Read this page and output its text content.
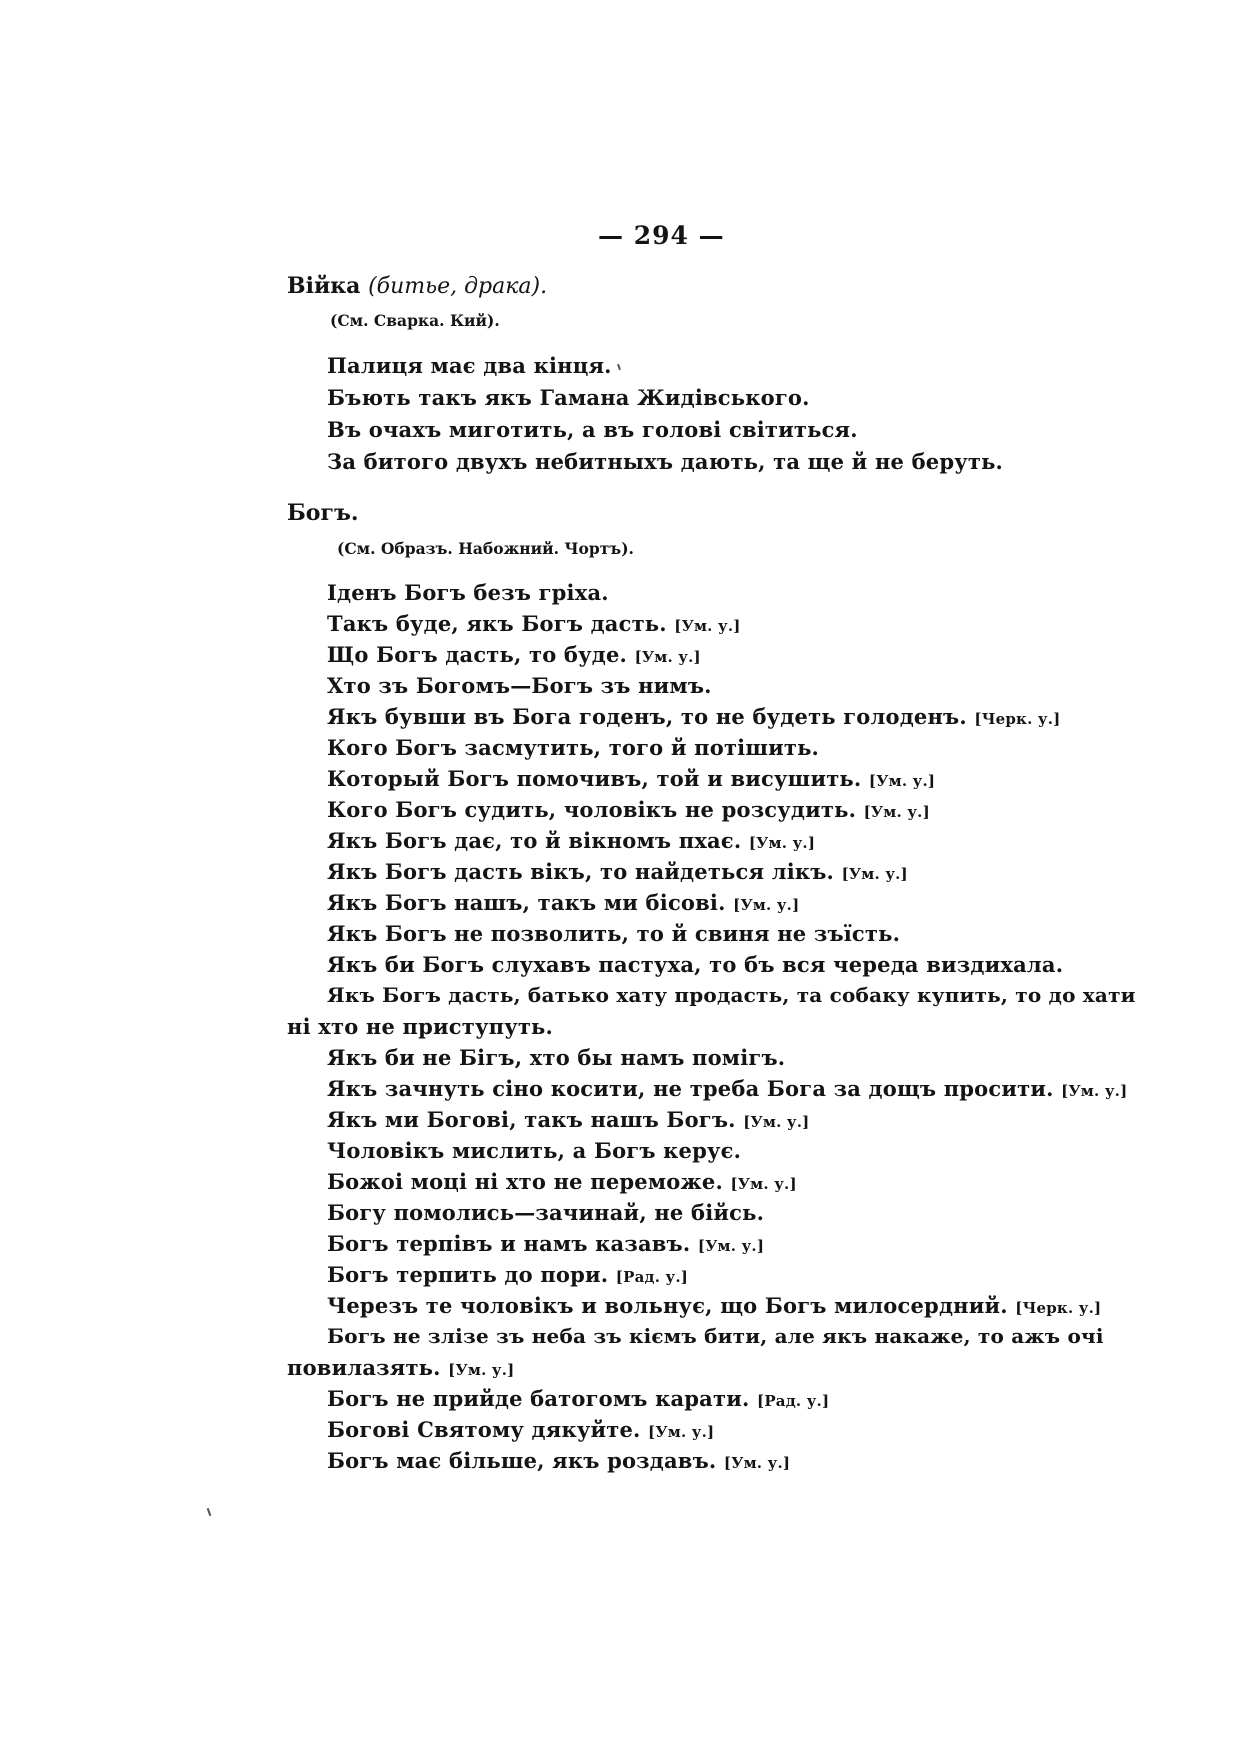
— 294 —
Війка (битье, драка).
(См. Сварка. Кий).
Палиця має два кінця.
Бъють такъ якъ Гамана Жидівського.
Въ очахъ миготить, а въ голові світиться.
За битого двухъ небитныхъ дають, та ще й не беруть.
Богъ.
(См. Образъ. Набожний. Чортъ).
Іденъ Богъ безъ гріха.
Такъ буде, якъ Богъ дасть. [Ум. у.]
Що Богъ дасть, то буде. [Ум. у.]
Хто зъ Богомъ—Богъ зъ нимъ.
Якъ бувши въ Бога годенъ, то не будеть голоденъ. [Черк. у.]
Кого Богъ засмутить, того й потішить.
Который Богъ помочивъ, той и висушить. [Ум. у.]
Кого Богъ судить, чоловікъ не розсудить. [Ум. у.]
Якъ Богъ дає, то й вікномъ пхає. [Ум. у.]
Якъ Богъ дасть вікъ, то найдеться лікъ. [Ум. у.]
Якъ Богъ нашъ, такъ ми бісові. [Ум. у.]
Якъ Богъ не позволить, то й свиня не зъїсть.
Якъ би Богъ слухавъ пастуха, то бъ вся череда виздихала.
Якъ Богъ дасть, батько хату продасть, та собаку купить, то до хати
ні хто не приступуть.
Якъ би не Бігъ, хто бы намъ помігъ.
Якъ зачнуть сіно косити, не треба Бога за дощъ просити. [Ум. у.]
Якъ ми Богові, такъ нашъ Богъ. [Ум. у.]
Чоловікъ мислить, а Богъ керує.
Божоі моці ні хто не переможе. [Ум. у.]
Богу помолись—зачинай, не бійсь.
Богъ терпівъ и намъ казавъ. [Ум. у.]
Богъ терпить до пори. [Рад. у.]
Черезъ те чоловікъ и вольнує, що Богъ милосердний. [Черк. у.]
Богъ не злізе зъ неба зъ кіємъ бити, але якъ накаже, то ажъ очі
повилазять. [Ум. у.]
Богъ не прийде батогомъ карати. [Рад. у.]
Богові Святому дякуйте. [Ум. у.]
Богъ має більше, якъ роздавъ. [Ум. у.]
